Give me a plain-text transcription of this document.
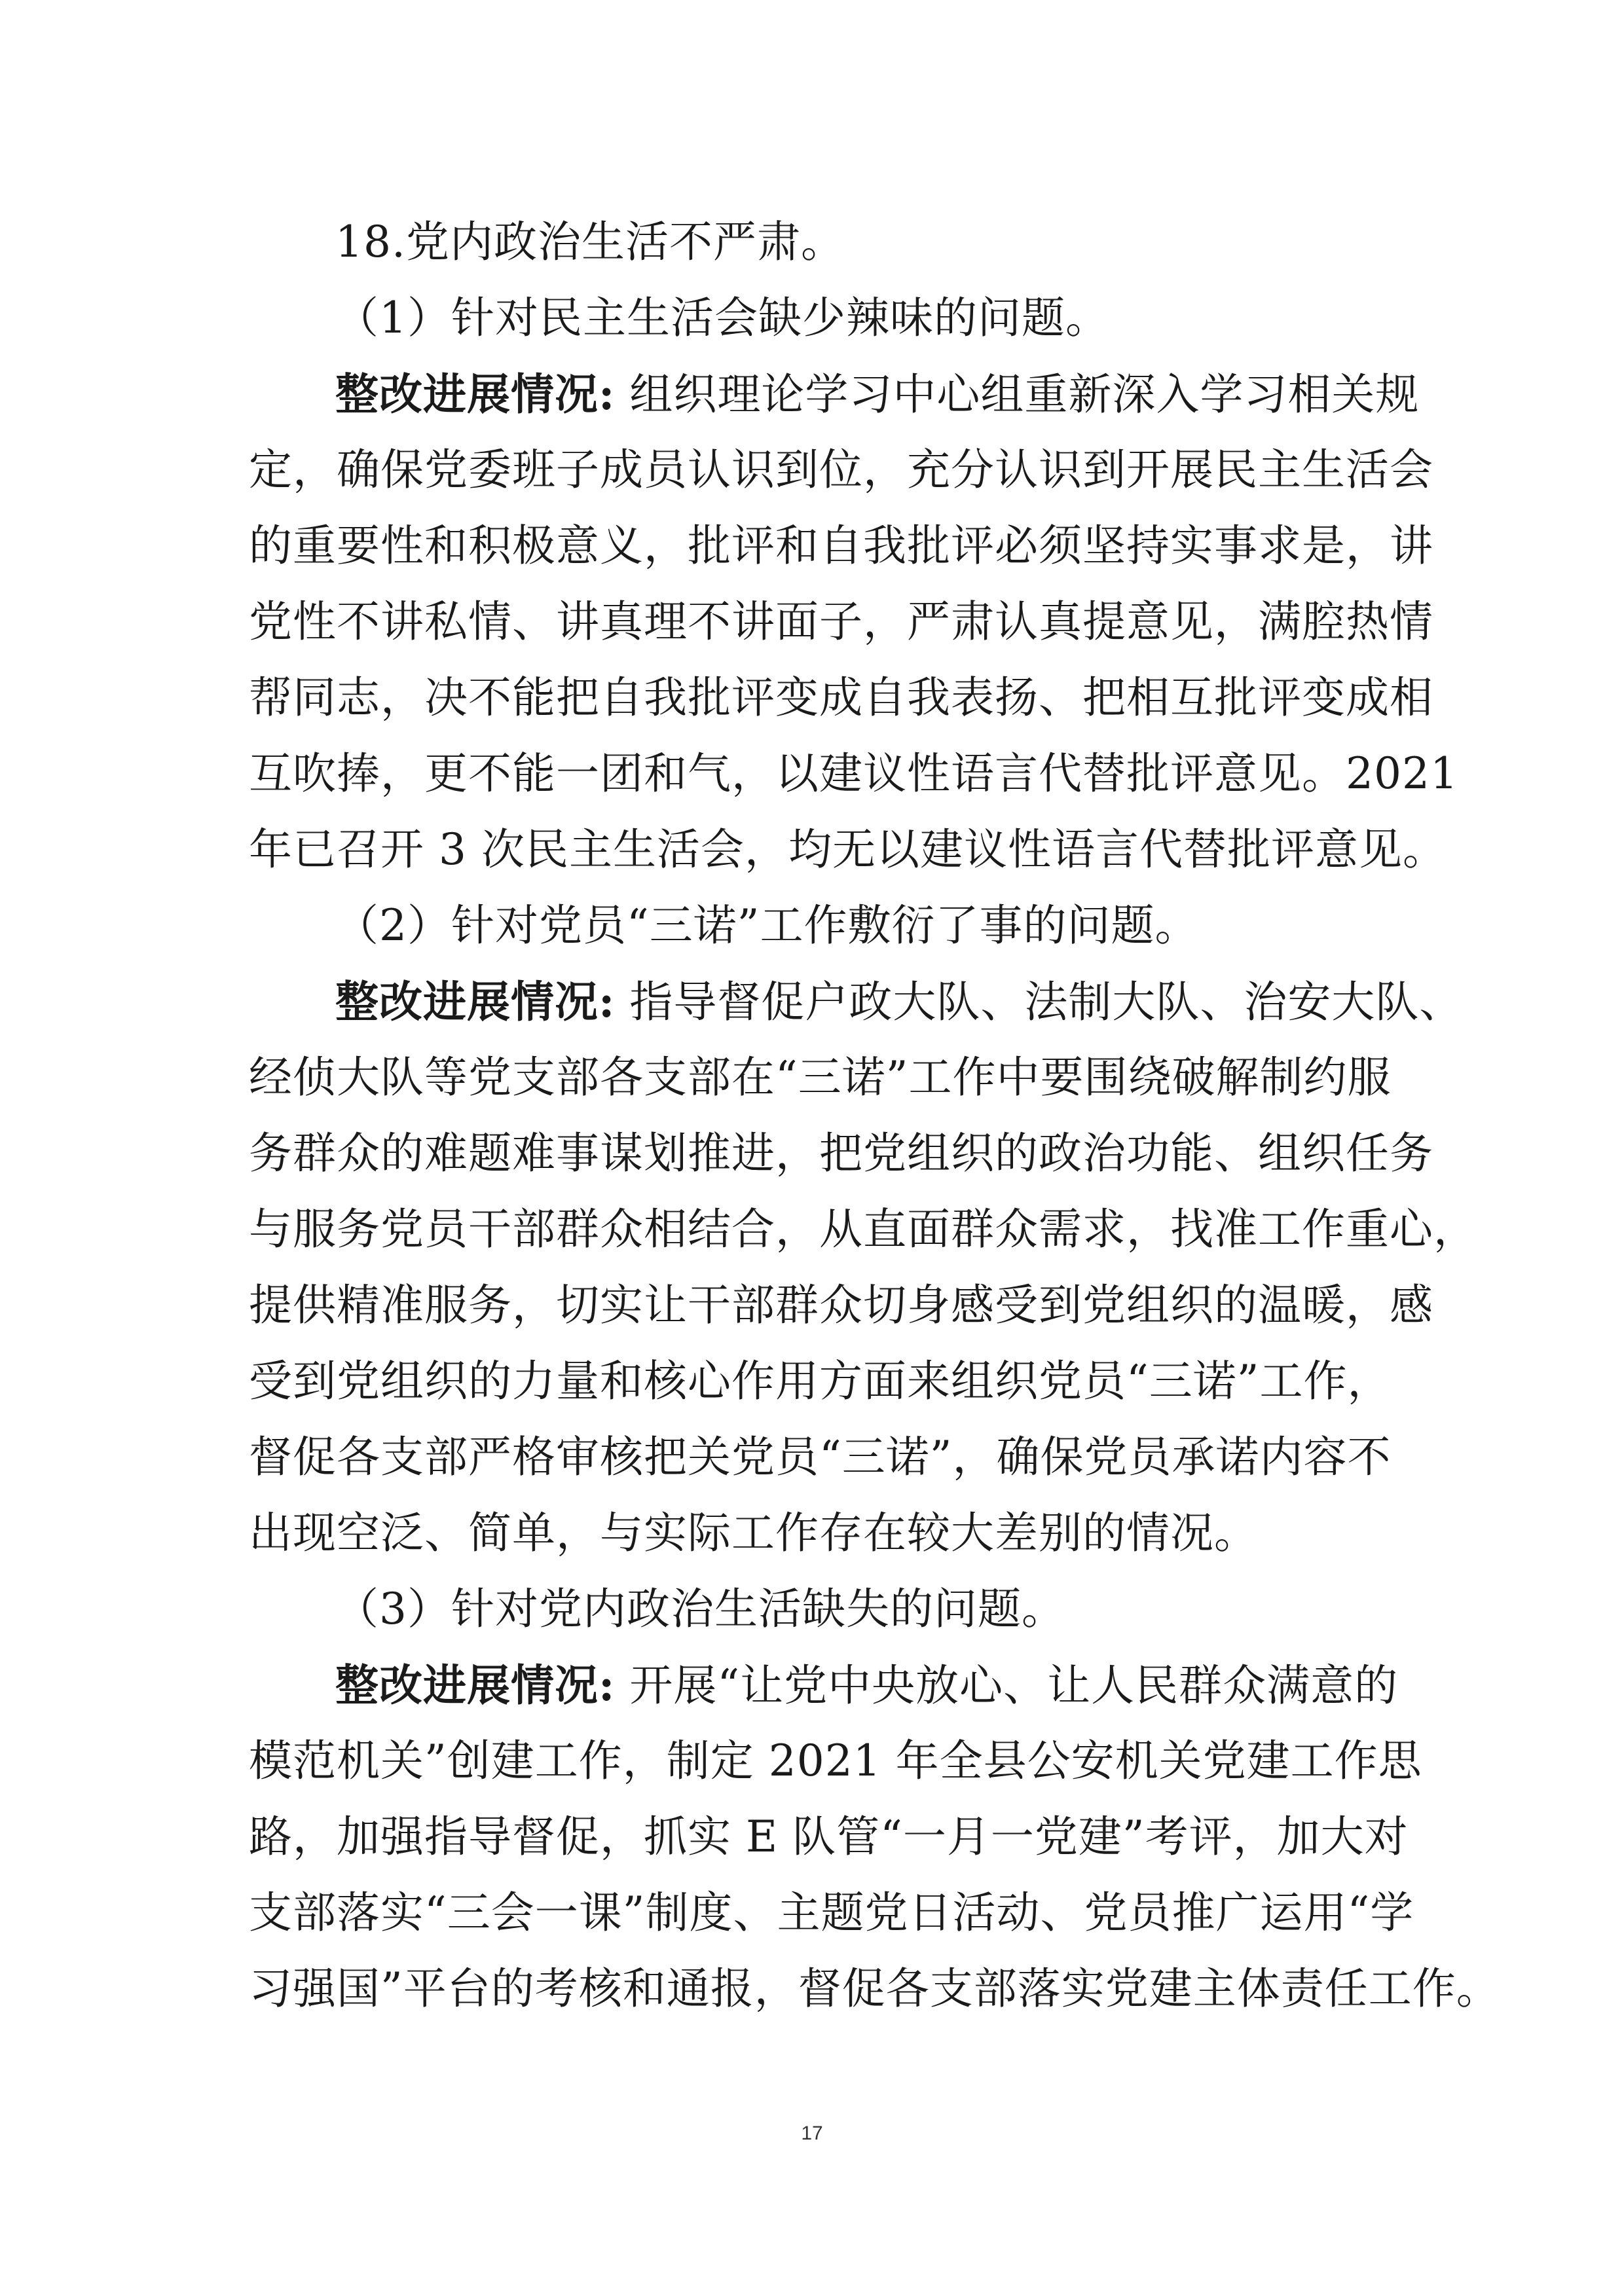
18.党内政治生活不严肃。
（1）针对民主生活会缺少辣味的问题。
整改进展情况: 组织理论学习中心组重新深入学习相关规
定，确保党委班子成员认识到位，充分认识到开展民主生活会
的重要性和积极意义，批评和自我批评必须坚持实事求是，讲
党性不讲私情、讲真理不讲面子，严肃认真提意见，满腔热情
帮同志，决不能把自我批评变成自我表扬、把相互批评变成相
互吹捧，更不能一团和气，以建议性语言代替批评意见。2021
年已召开 3 次民主生活会，均无以建议性语言代替批评意见。
（2）针对党员“三诺”工作敷衍了事的问题。
整改进展情况: 指导督促户政大队、法制大队、治安大队、
经侦大队等党支部各支部在“三诺”工作中要围绕破解制约服
务群众的难题难事谋划推进，把党组织的政治功能、组织任务
与服务党员干部群众相结合，从直面群众需求，找准工作重心，
提供精准服务，切实让干部群众切身感受到党组织的温暖，感
受到党组织的力量和核心作用方面来组织党员“三诺”工作，
督促各支部严格审核把关党员“三诺”，确保党员承诺内容不
出现空泛、简单，与实际工作存在较大差别的情况。
（3）针对党内政治生活缺失的问题。
整改进展情况: 开展“让党中央放心、让人民群众满意的
模范机关”创建工作，制定 2021 年全县公安机关党建工作思
路，加强指导督促，抓实 E 队管“一月一党建”考评，加大对
支部落实“三会一课”制度、主题党日活动、党员推广运用“学
习强国”平台的考核和通报，督促各支部落实党建主体责任工作。
17
